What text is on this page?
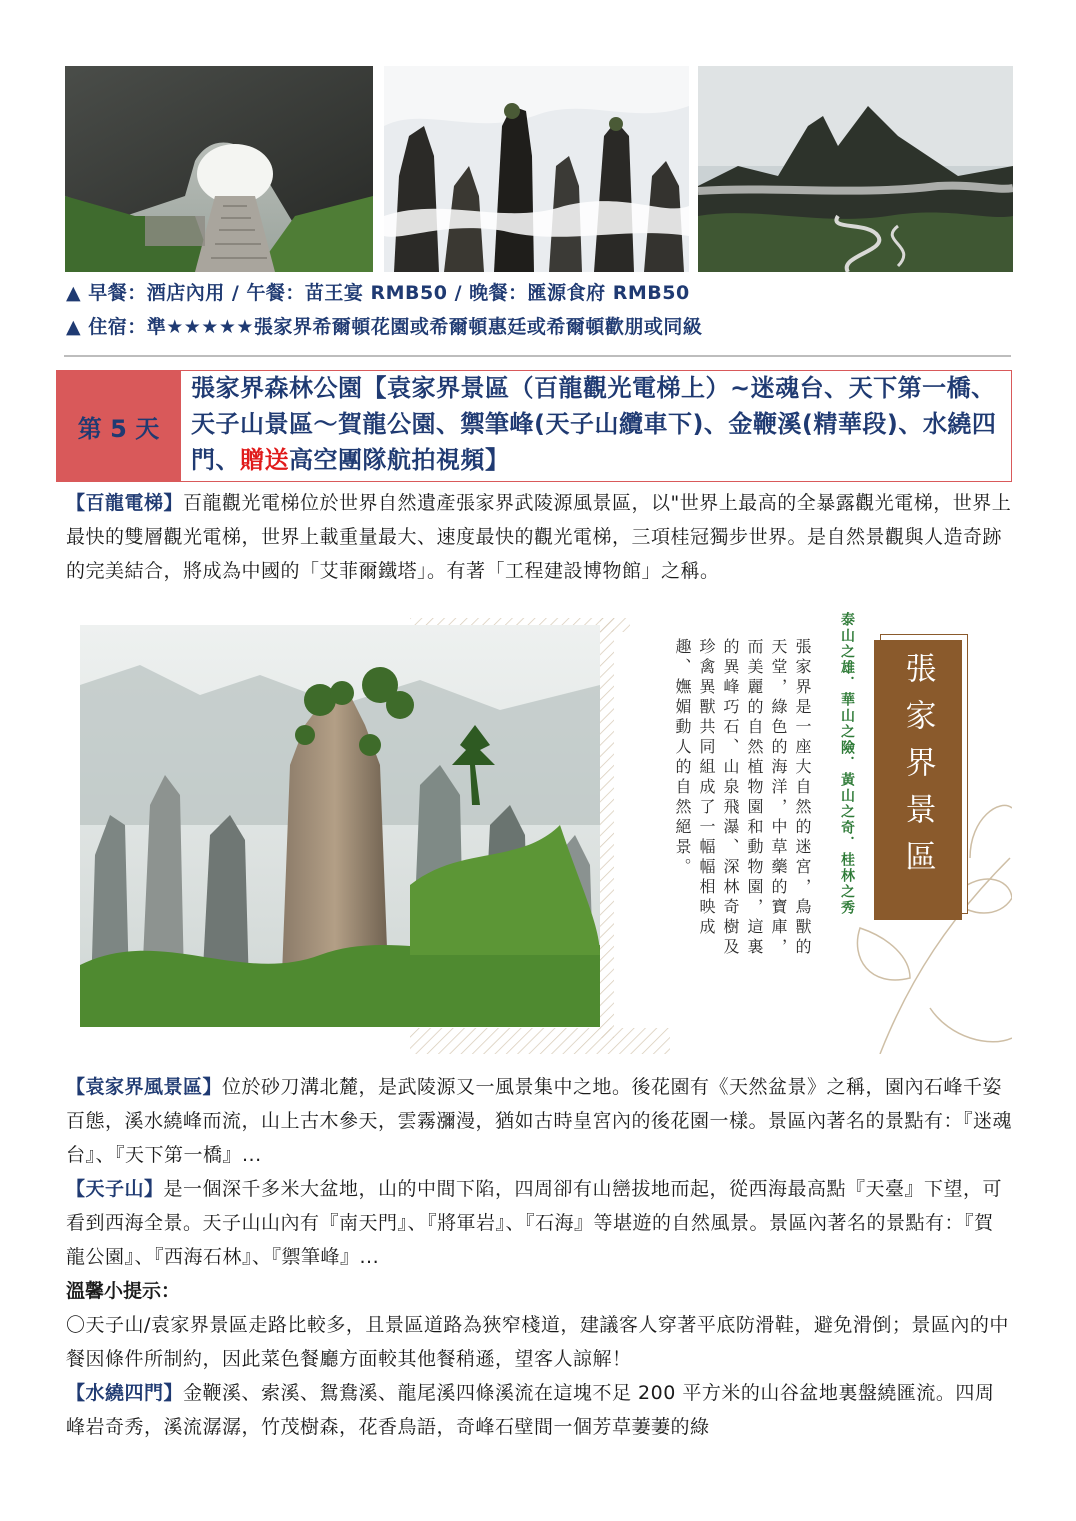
▲ 早餐：酒店內用 / 午餐：苗王宴 RMB50 / 晚餐：匯源食府 RMB50
▲ 住宿：準★★★★★張家界希爾頓花園或希爾頓惠廷或希爾頓歡朋或同級
第 5 天
張家界森林公園【袁家界景區（百龍觀光電梯上）~迷魂台、天下第一橋、天子山景區～賀龍公園、禦筆峰(天子山纜車下)、金鞭溪(精華段)、水繞四門、贈送高空團隊航拍視頻】
【百龍電梯】百龍觀光電梯位於世界自然遺產張家界武陵源風景區，以"世界上最高的全暴露觀光電梯，世界上最快的雙層觀光電梯，世界上載重量最大、速度最快的觀光電梯，三項桂冠獨步世界。是自然景觀與人造奇跡的完美結合，將成為中國的「艾菲爾鐵塔」。有著「工程建設博物館」之稱。
張家界是一座大自然的迷宮，鳥獸的天堂，綠色的海洋，中草藥的寶庫，而美麗的自然植物園和動物園，這裏的異峰巧石、山泉飛瀑、深林奇樹及珍禽異獸共同組成了一幅幅相映成趣、嫵媚動人的自然絕景。	泰山之雄．華山之險．黃山之奇．桂林之秀	張家界景區
【袁家界風景區】位於砂刀溝北麓，是武陵源又一風景集中之地。後花園有《天然盆景》之稱，園內石峰千姿百態，溪水繞峰而流，山上古木參天，雲霧瀰漫，猶如古時皇宮內的後花園一樣。景區內著名的景點有：『迷魂台』、『天下第一橋』...
【天子山】是一個深千多米大盆地，山的中間下陷，四周卻有山巒拔地而起，從西海最高點『天臺』下望，可看到西海全景。天子山山內有『南天門』、『將軍岩』、『石海』等堪遊的自然風景。景區內著名的景點有：『賀龍公園』、『西海石林』、『禦筆峰』...
溫馨小提示：
〇天子山/袁家界景區走路比較多，且景區道路為狹窄棧道，建議客人穿著平底防滑鞋，避免滑倒；景區內的中餐因條件所制約，因此菜色餐廳方面較其他餐稍遜，望客人諒解！
【水繞四門】金鞭溪、索溪、鴛鴦溪、龍尾溪四條溪流在這塊不足 200 平方米的山谷盆地裏盤繞匯流。四周峰岩奇秀，溪流潺潺，竹茂樹森，花香鳥語，奇峰石壁間一個芳草萋萋的綠
